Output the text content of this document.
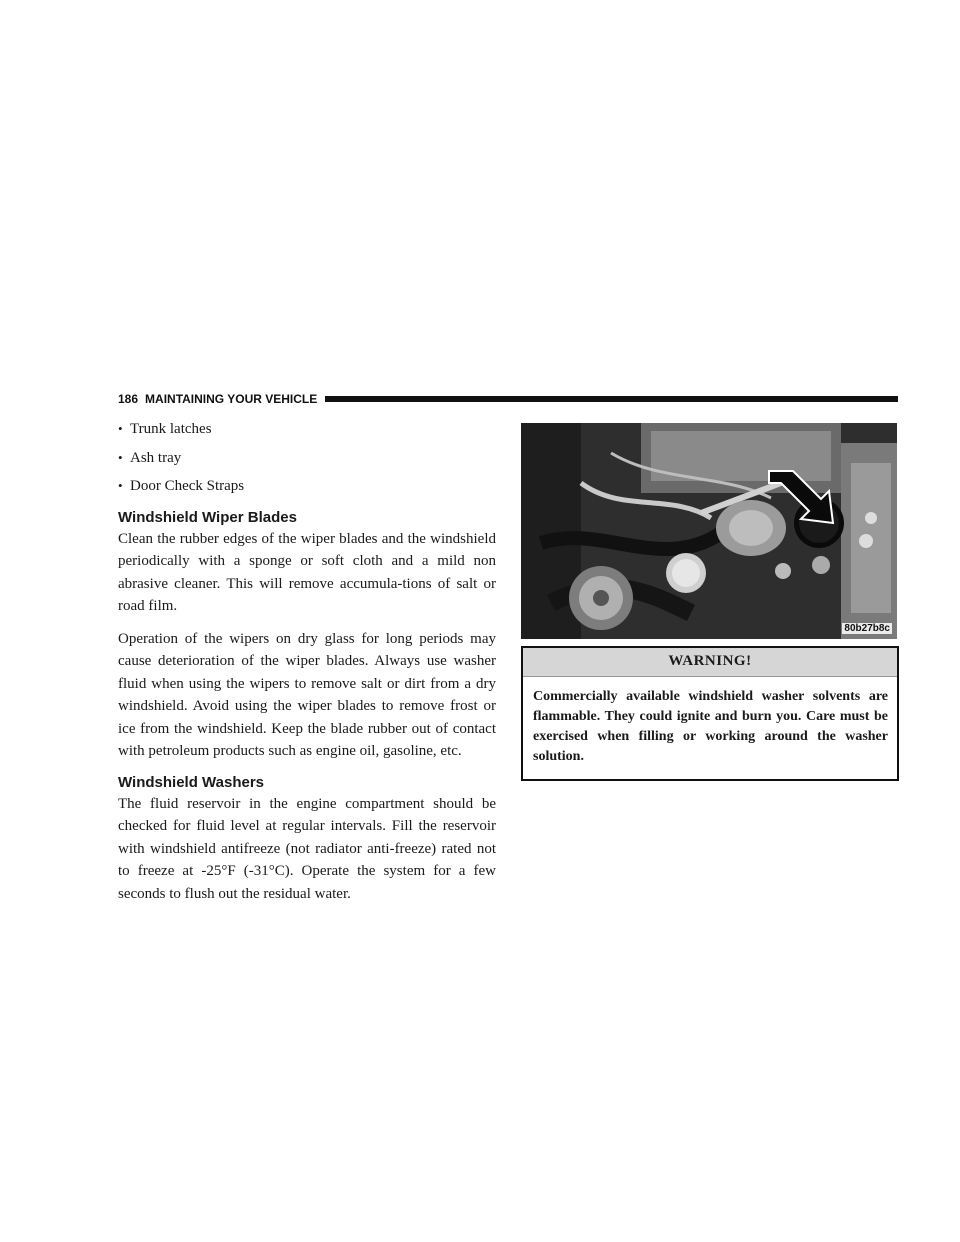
186 MAINTAINING YOUR VEHICLE
• Trunk latches
• Ash tray
• Door Check Straps
Windshield Wiper Blades

Clean the rubber edges of the wiper blades and the windshield periodically with a sponge or soft cloth and a mild non abrasive cleaner. This will remove accumula-tions of salt or road film.

Operation of the wipers on dry glass for long periods may cause deterioration of the wiper blades. Always use washer fluid when using the wipers to remove salt or dirt from a dry windshield. Avoid using the wiper blades to remove frost or ice from the windshield. Keep the blade rubber out of contact with petroleum products such as engine oil, gasoline, etc.

Windshield Washers

The fluid reservoir in the engine compartment should be checked for fluid level at regular intervals. Fill the reservoir with windshield antifreeze (not radiator anti-freeze) rated not to freeze at -25°F (-31°C). Operate the system for a few seconds to flush out the residual water.

80b27b8c
WARNING!
Commercially available windshield washer solvents are flammable. They could ignite and burn you. Care must be exercised when filling or working around the washer solution.
